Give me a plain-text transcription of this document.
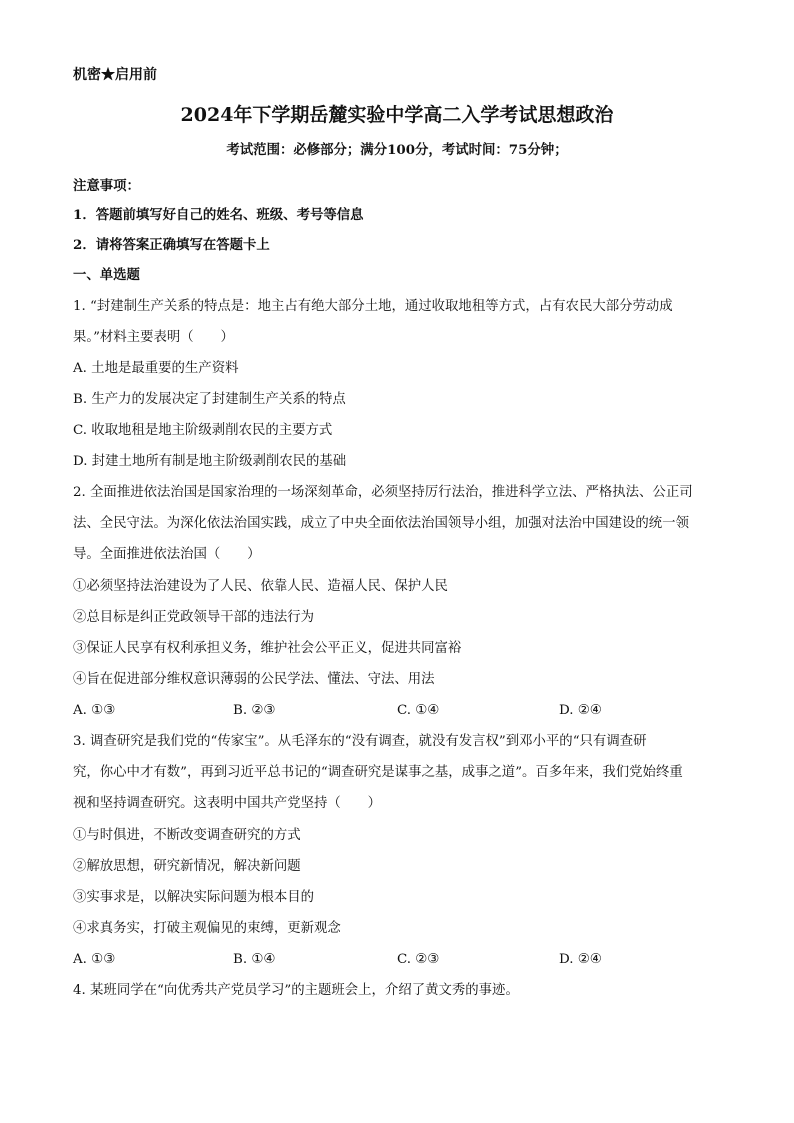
机密★启用前
2024年下学期岳麓实验中学高二入学考试思想政治
考试范围：必修部分；满分100分，考试时间：75分钟；
注意事项：
1．答题前填写好自己的姓名、班级、考号等信息
2．请将答案正确填写在答题卡上
一、单选题
1. “封建制生产关系的特点是：地主占有绝大部分土地，通过收取地租等方式，占有农民大部分劳动成
果。”材料主要表明（　　）
A. 土地是最重要的生产资料
B. 生产力的发展决定了封建制生产关系的特点
C. 收取地租是地主阶级剥削农民的主要方式
D. 封建土地所有制是地主阶级剥削农民的基础
2. 全面推进依法治国是国家治理的一场深刻革命，必须坚持厉行法治，推进科学立法、严格执法、公正司
法、全民守法。为深化依法治国实践，成立了中央全面依法治国领导小组，加强对法治中国建设的统一领
导。全面推进依法治国（　　）
①必须坚持法治建设为了人民、依靠人民、造福人民、保护人民
②总目标是纠正党政领导干部的违法行为
③保证人民享有权利承担义务，维护社会公平正义，促进共同富裕
④旨在促进部分维权意识薄弱的公民学法、懂法、守法、用法
A. ①③	B. ②③	C. ①④	D. ②④
3. 调查研究是我们党的“传家宝”。从毛泽东的“没有调查，就没有发言权”到邓小平的“只有调查研
究，你心中才有数”，再到习近平总书记的“调查研究是谋事之基，成事之道”。百多年来，我们党始终重
视和坚持调查研究。这表明中国共产党坚持（　　）
①与时俱进，不断改变调查研究的方式
②解放思想，研究新情况，解决新问题
③实事求是，以解决实际问题为根本目的
④求真务实，打破主观偏见的束缚，更新观念
A. ①③	B. ①④	C. ②③	D. ②④
4. 某班同学在“向优秀共产党员学习”的主题班会上，介绍了黄文秀的事迹。
